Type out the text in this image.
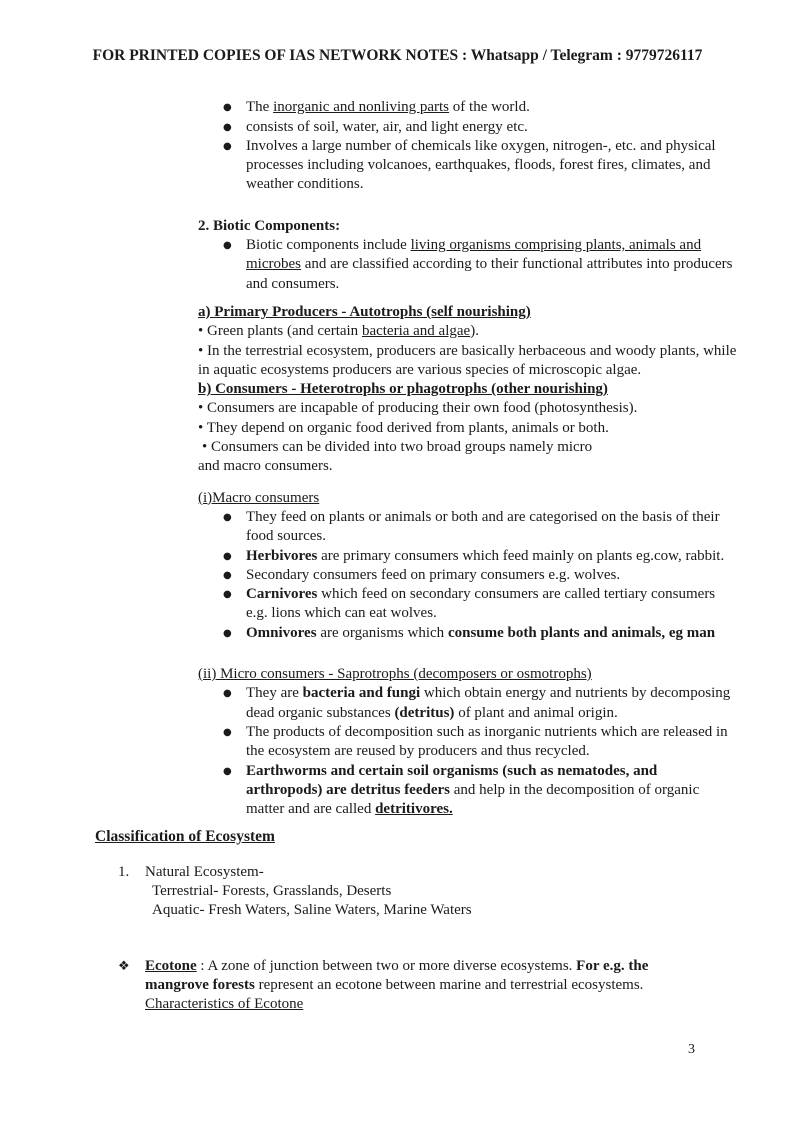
FOR PRINTED COPIES OF IAS NETWORK NOTES : Whatsapp / Telegram : 9779726117
● The inorganic and nonliving parts of the world.
● consists of soil, water, air, and light energy etc.
● Involves a large number of chemicals like oxygen, nitrogen-, etc. and physical processes including volcanoes, earthquakes, floods, forest fires, climates, and weather conditions.
2. Biotic Components:
● Biotic components include living organisms comprising plants, animals and microbes and are classified according to their functional attributes into producers and consumers.
a) Primary Producers - Autotrophs (self nourishing)
• Green plants (and certain bacteria and algae).
• In the terrestrial ecosystem, producers are basically herbaceous and woody plants, while in aquatic ecosystems producers are various species of microscopic algae.
b) Consumers - Heterotrophs or phagotrophs (other nourishing)
• Consumers are incapable of producing their own food (photosynthesis).
• They depend on organic food derived from plants, animals or both.
• Consumers can be divided into two broad groups namely micro
and macro consumers.
(i)Macro consumers
● They feed on plants or animals or both and are categorised on the basis of their food sources.
● Herbivores are primary consumers which feed mainly on plants eg.cow, rabbit.
● Secondary consumers feed on primary consumers e.g. wolves.
● Carnivores which feed on secondary consumers are called tertiary consumers e.g. lions which can eat wolves.
● Omnivores are organisms which consume both plants and animals, eg man
(ii) Micro consumers - Saprotrophs (decomposers or osmotrophs)
● They are bacteria and fungi which obtain energy and nutrients by decomposing dead organic substances (detritus) of plant and animal origin.
● The products of decomposition such as inorganic nutrients which are released in the ecosystem are reused by producers and thus recycled.
● Earthworms and certain soil organisms (such as nematodes, and arthropods) are detritus feeders and help in the decomposition of organic matter and are called detritivores.
Classification of Ecosystem
1.	Natural Ecosystem-
Terrestrial- Forests, Grasslands, Deserts
Aquatic- Fresh Waters, Saline Waters, Marine Waters
❖	Ecotone : A zone of junction between two or more diverse ecosystems. For e.g. the mangrove forests represent an ecotone between marine and terrestrial ecosystems.
Characteristics of Ecotone
3
